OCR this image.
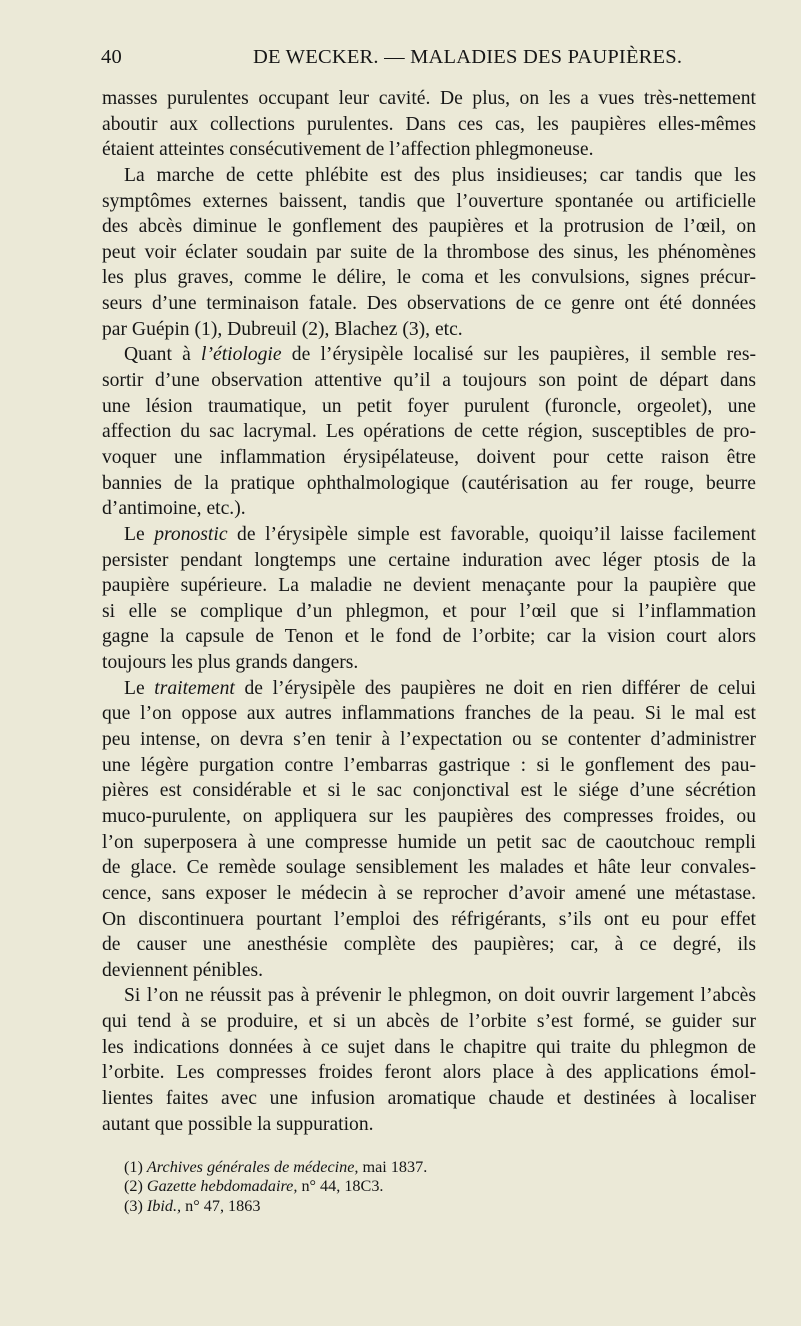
40	DE WECKER. — MALADIES DES PAUPIÈRES.
masses purulentes occupant leur cavité. De plus, on les a vues très-nettement
aboutir aux collections purulentes. Dans ces cas, les paupières elles-mêmes
étaient atteintes consécutivement de l’affection phlegmoneuse.
La marche de cette phlébite est des plus insidieuses; car tandis que les
symptômes externes baissent, tandis que l’ouverture spontanée ou artificielle
des abcès diminue le gonflement des paupières et la protrusion de l’œil, on
peut voir éclater soudain par suite de la thrombose des sinus, les phénomènes
les plus graves, comme le délire, le coma et les convulsions, signes précur-
seurs d’une terminaison fatale. Des observations de ce genre ont été données
par Guépin (1), Dubreuil (2), Blachez (3), etc.
Quant à l’étiologie de l’érysipèle localisé sur les paupières, il semble res-
sortir d’une observation attentive qu’il a toujours son point de départ dans
une lésion traumatique, un petit foyer purulent (furoncle, orgeolet), une
affection du sac lacrymal. Les opérations de cette région, susceptibles de pro-
voquer une inflammation érysipélateuse, doivent pour cette raison être
bannies de la pratique ophthalmologique (cautérisation au fer rouge, beurre
d’antimoine, etc.).
Le pronostic de l’érysipèle simple est favorable, quoiqu’il laisse facilement
persister pendant longtemps une certaine induration avec léger ptosis de la
paupière supérieure. La maladie ne devient menaçante pour la paupière que
si elle se complique d’un phlegmon, et pour l’œil que si l’inflammation
gagne la capsule de Tenon et le fond de l’orbite; car la vision court alors
toujours les plus grands dangers.
Le traitement de l’érysipèle des paupières ne doit en rien différer de celui
que l’on oppose aux autres inflammations franches de la peau. Si le mal est
peu intense, on devra s’en tenir à l’expectation ou se contenter d’administrer
une légère purgation contre l’embarras gastrique : si le gonflement des pau-
pières est considérable et si le sac conjonctival est le siége d’une sécrétion
muco-purulente, on appliquera sur les paupières des compresses froides, ou
l’on superposera à une compresse humide un petit sac de caoutchouc rempli
de glace. Ce remède soulage sensiblement les malades et hâte leur convales-
cence, sans exposer le médecin à se reprocher d’avoir amené une métastase.
On discontinuera pourtant l’emploi des réfrigérants, s’ils ont eu pour effet
de causer une anesthésie complète des paupières; car, à ce degré, ils
deviennent pénibles.
Si l’on ne réussit pas à prévenir le phlegmon, on doit ouvrir largement l’abcès
qui tend à se produire, et si un abcès de l’orbite s’est formé, se guider sur
les indications données à ce sujet dans le chapitre qui traite du phlegmon de
l’orbite. Les compresses froides feront alors place à des applications émol-
lientes faites avec une infusion aromatique chaude et destinées à localiser
autant que possible la suppuration.
(1) Archives générales de médecine, mai 1837.
(2) Gazette hebdomadaire, n° 44, 18C3.
(3) Ibid., n° 47, 1863
